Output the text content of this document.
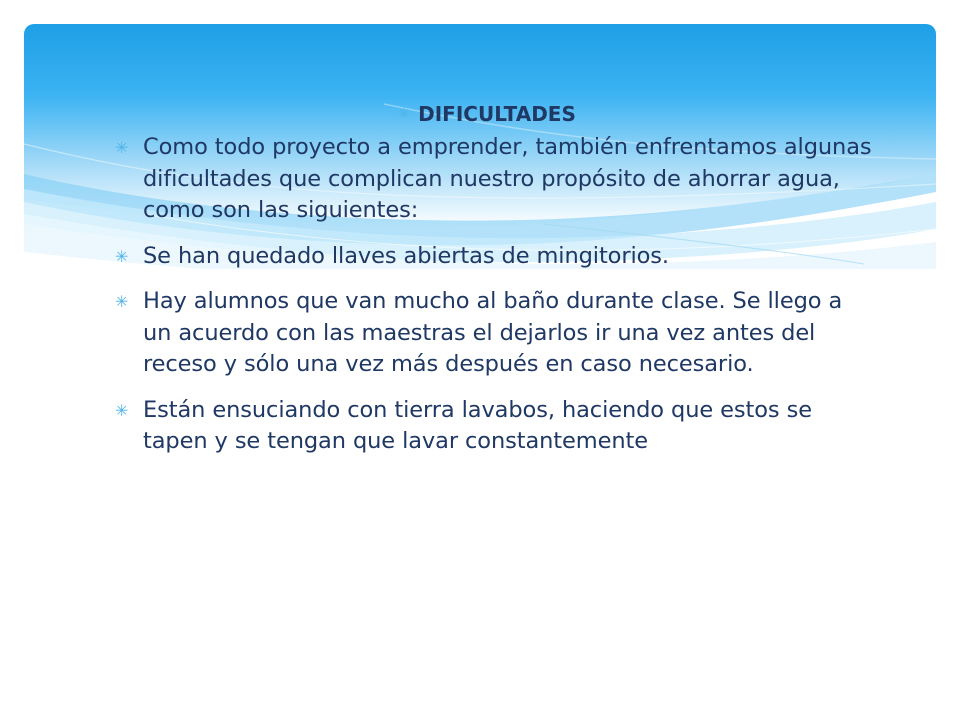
✳ DIFICULTADES
✳ Como todo proyecto a emprender, también enfrentamos algunas dificultades que complican nuestro propósito de ahorrar agua, como son las siguientes:
✳ Se han quedado llaves abiertas de mingitorios.
✳ Hay alumnos que van mucho al baño durante clase. Se llego a un acuerdo con las maestras el dejarlos ir una vez antes del receso y sólo una vez más después en caso necesario.
✳ Están ensuciando con tierra lavabos, haciendo que estos se tapen y se tengan que lavar constantemente
